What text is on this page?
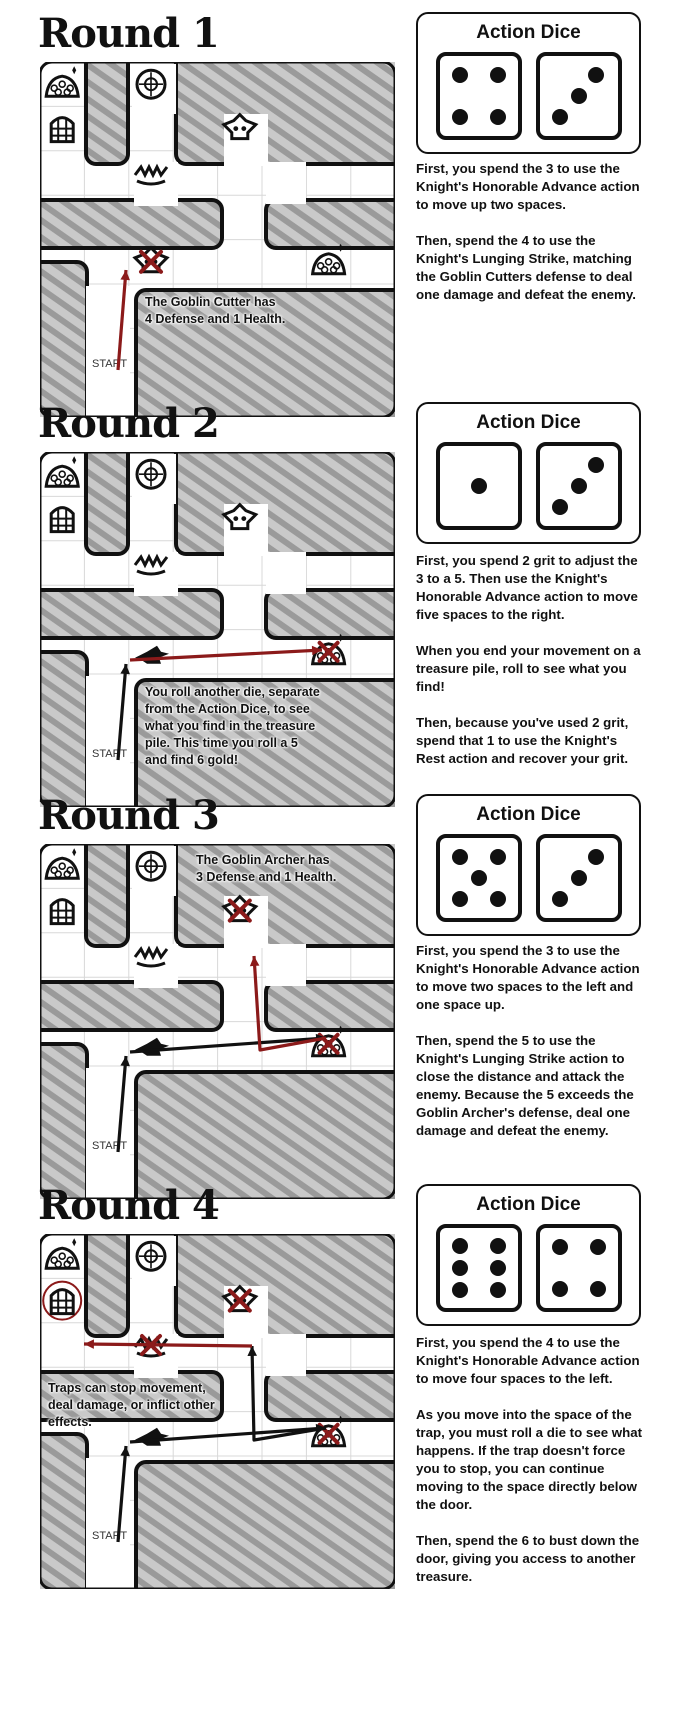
Round 1
START
The Goblin Cutter has
4 Defense and 1 Health.
Action Dice

First, you spend the 3 to use the Knight's Honorable Advance action to move up two spaces.

Then, spend the 4 to use the Knight's Lunging Strike, matching the Goblin Cutters defense to deal one damage and defeat the enemy.

Round 2
START
You roll another die, separate
from the Action Dice, to see
what you find in the treasure
pile. This time you roll a 5
and find 6 gold!
Action Dice

First, you spend 2 grit to adjust the 3 to a 5. Then use the Knight's Honorable Advance action to move five spaces to the right.

When you end your movement on a treasure pile, roll to see what you find!

Then, because you've used 2 grit, spend that 1 to use the Knight's Rest action and recover your grit.

Round 3
START
The Goblin Archer has
3 Defense and 1 Health.
Action Dice

First, you spend the 3 to use the Knight's Honorable Advance action to move two spaces to the left and one space up.

Then, spend the 5 to use the Knight's Lunging Strike action to close the distance and attack the enemy. Because the 5 exceeds the Goblin Archer's defense, deal one damage and defeat the enemy.

Round 4
START
Traps can stop movement,
deal damage, or inflict other
effects.
Action Dice

First, you spend the 4 to use the Knight's Honorable Advance action to move four spaces to the left.

As you move into the space of the trap, you must roll a die to see what happens. If the trap doesn't force you to stop, you can continue moving to the space directly below the door.

Then, spend the 6 to bust down the door, giving you access to another treasure.
